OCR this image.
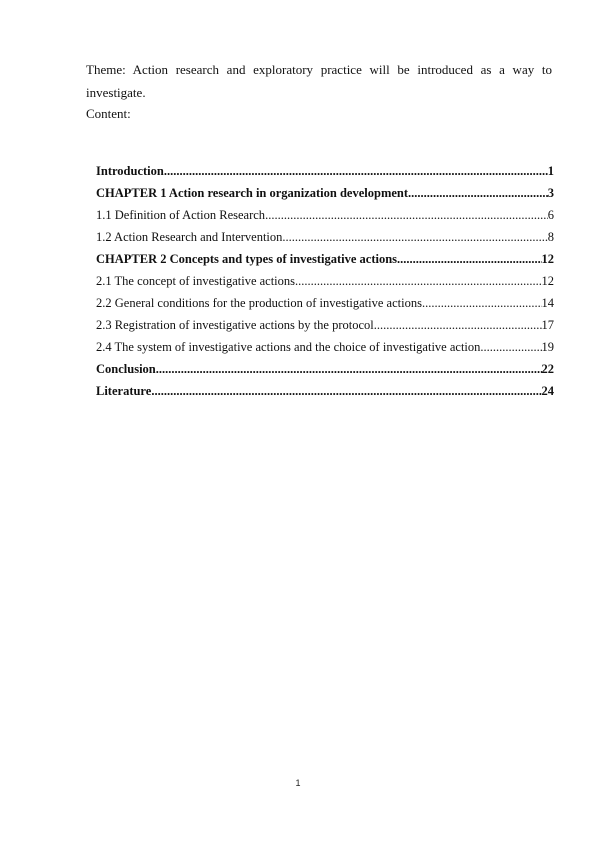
Theme: Action research and exploratory practice will be introduced as a way to investigate.

Content:

Introduction .....	1
CHAPTER 1 Action research in organization development .....	3
1.1 Definition of Action Research .....	6
1.2 Action Research and Intervention .....	8
CHAPTER 2 Concepts and types of investigative actions .....	12
2.1 The concept of investigative actions .....	12
2.2 General conditions for the production of investigative actions .....	14
2.3 Registration of investigative actions by the protocol .....	17
2.4 The system of investigative actions and the choice of investigative action .....	19
Conclusion .....	22
Literature .....	24

1
